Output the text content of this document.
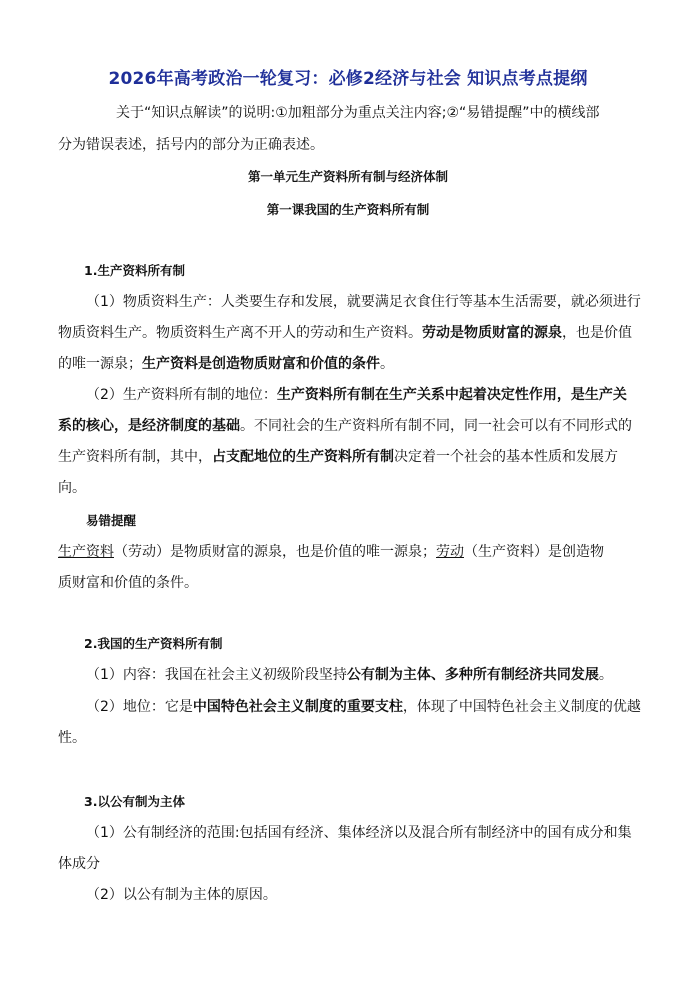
2026年高考政治一轮复习：必修2经济与社会 知识点考点提纲
关于“知识点解读”的说明:①加粗部分为重点关注内容;②“易错提醒”中的横线部
分为错误表述，括号内的部分为正确表述。
第一单元生产资料所有制与经济体制
第一课我国的生产资料所有制
1.生产资料所有制
（1）物质资料生产：人类要生存和发展，就要满足衣食住行等基本生活需要，就必须进行
物质资料生产。物质资料生产离不开人的劳动和生产资料。劳动是物质财富的源泉，也是价值
的唯一源泉；生产资料是创造物质财富和价值的条件。
（2）生产资料所有制的地位：生产资料所有制在生产关系中起着决定性作用，是生产关
系的核心，是经济制度的基础。不同社会的生产资料所有制不同，同一社会可以有不同形式的
生产资料所有制，其中，占支配地位的生产资料所有制决定着一个社会的基本性质和发展方
向。
易错提醒
生产资料（劳动）是物质财富的源泉，也是价值的唯一源泉；劳动（生产资料）是创造物
质财富和价值的条件。
2.我国的生产资料所有制
（1）内容：我国在社会主义初级阶段坚持公有制为主体、多种所有制经济共同发展。
（2）地位：它是中国特色社会主义制度的重要支柱，体现了中国特色社会主义制度的优越
性。
3.以公有制为主体
（1）公有制经济的范围:包括国有经济、集体经济以及混合所有制经济中的国有成分和集
体成分
（2）以公有制为主体的原因。
